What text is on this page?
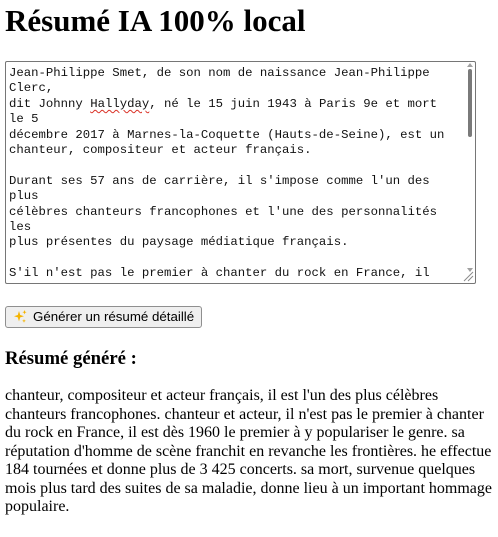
Résumé IA 100% local
Jean-Philippe Smet, de son nom de naissance Jean-Philippe Clerc,
dit Johnny Hallyday, né le 15 juin 1943 à Paris 9e et mort le 5
décembre 2017 à Marnes-la-Coquette (Hauts-de-Seine), est un
chanteur, compositeur et acteur français.

Durant ses 57 ans de carrière, il s'impose comme l'un des plus
célèbres chanteurs francophones et l'une des personnalités les
plus présentes du paysage médiatique français.

S'il n'est pas le premier à chanter du rock en France, il

Générer un résumé détaillé
Résumé généré :

chanteur, compositeur et acteur français, il est l'un des plus célèbres chanteurs francophones. chanteur et acteur, il n'est pas le premier à chanter du rock en France, il est dès 1960 le premier à y populariser le genre. sa réputation d'homme de scène franchit en revanche les frontières. he effectue 184 tournées et donne plus de 3 425 concerts. sa mort, survenue quelques mois plus tard des suites de sa maladie, donne lieu à un important hommage populaire.
